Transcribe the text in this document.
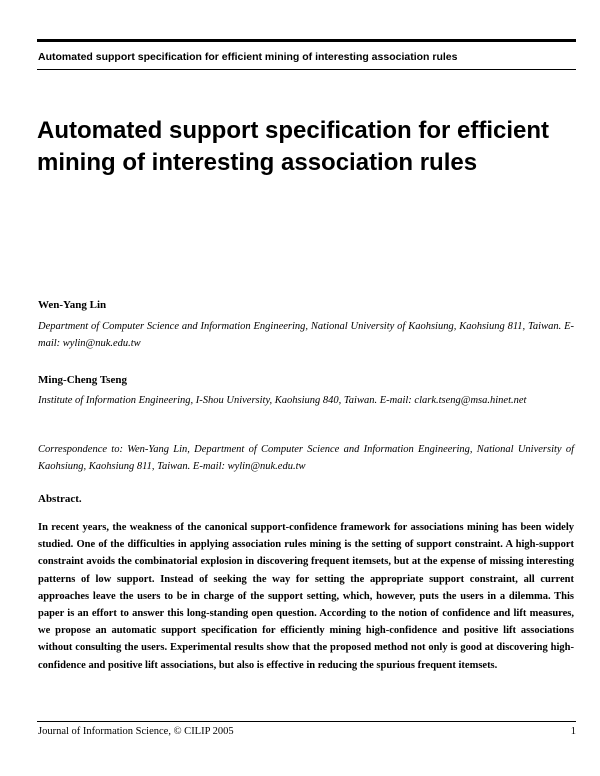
Automated support specification for efficient mining of interesting association rules
Automated support specification for efficient mining of interesting association rules

Wen-Yang Lin

Department of Computer Science and Information Engineering, National University of Kaohsiung, Kaohsiung 811, Taiwan. E-mail: wylin@nuk.edu.tw

Ming-Cheng Tseng

Institute of Information Engineering, I-Shou University, Kaohsiung 840, Taiwan. E-mail: clark.tseng@msa.hinet.net

Correspondence to: Wen-Yang Lin, Department of Computer Science and Information Engineering, National University of Kaohsiung, Kaohsiung 811, Taiwan. E-mail: wylin@nuk.edu.tw

Abstract.

In recent years, the weakness of the canonical support-confidence framework for associations mining has been widely studied. One of the difficulties in applying association rules mining is the setting of support constraint. A high-support constraint avoids the combinatorial explosion in discovering frequent itemsets, but at the expense of missing interesting patterns of low support. Instead of seeking the way for setting the appropriate support constraint, all current approaches leave the users to be in charge of the support setting, which, however, puts the users in a dilemma. This paper is an effort to answer this long-standing open question. According to the notion of confidence and lift measures, we propose an automatic support specification for efficiently mining high-confidence and positive lift associations without consulting the users. Experimental results show that the proposed method not only is good at discovering high-confidence and positive lift associations, but also is effective in reducing the spurious frequent itemsets.

Journal of Information Science, © CILIP 2005	1
